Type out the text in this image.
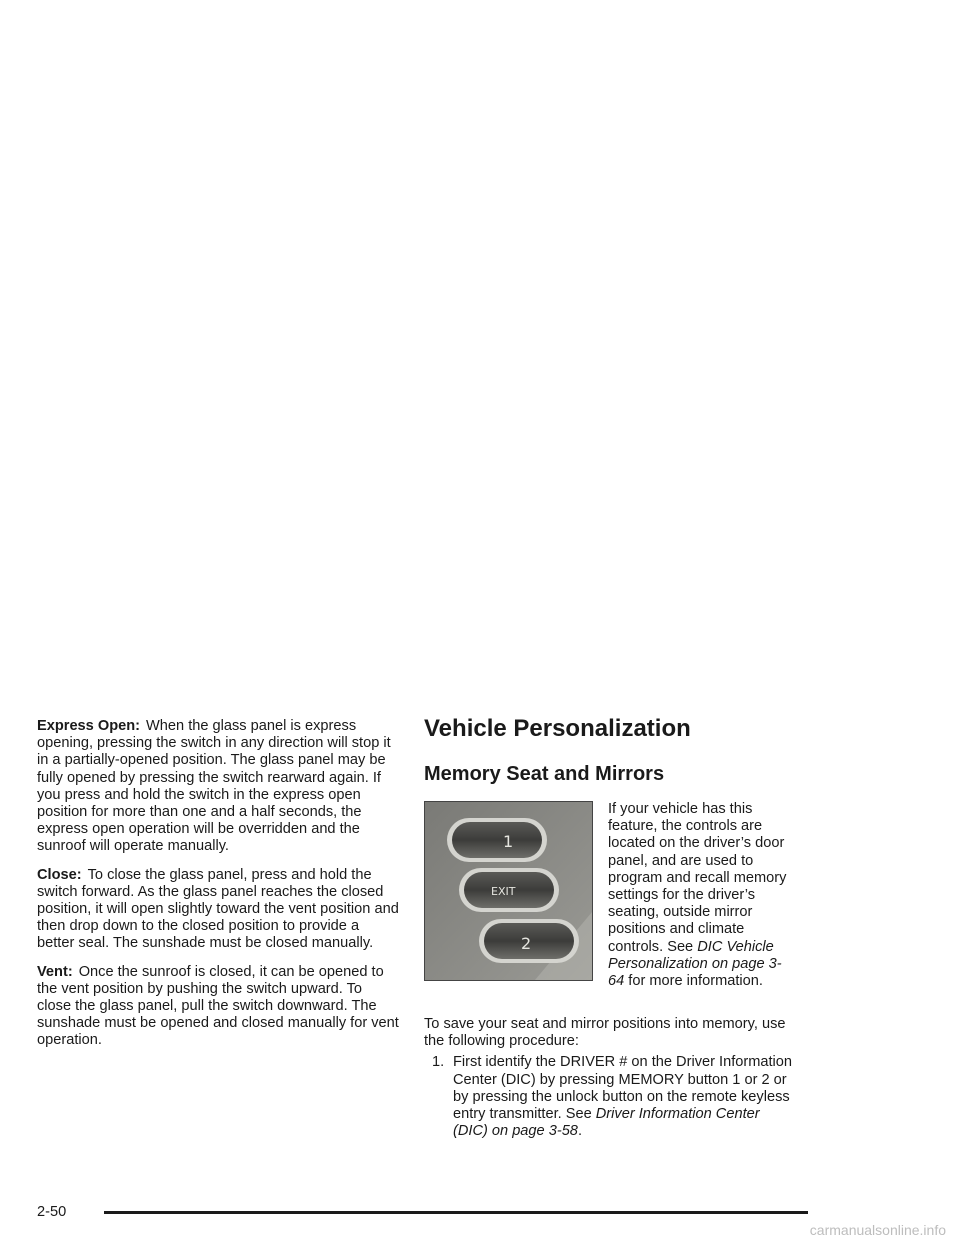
Express Open: When the glass panel is express opening, pressing the switch in any direction will stop it in a partially-opened position. The glass panel may be fully opened by pressing the switch rearward again. If you press and hold the switch in the express open position for more than one and a half seconds, the express open operation will be overridden and the sunroof will operate manually.

Close: To close the glass panel, press and hold the switch forward. As the glass panel reaches the closed position, it will open slightly toward the vent position and then drop down to the closed position to provide a better seal. The sunshade must be closed manually.

Vent: Once the sunroof is closed, it can be opened to the vent position by pushing the switch upward. To close the glass panel, pull the switch downward. The sunshade must be opened and closed manually for vent operation.

Vehicle Personalization
Memory Seat and Mirrors
1
EXIT
2
If your vehicle has this feature, the controls are located on the driver’s door panel, and are used to program and recall memory settings for the driver’s seating, outside mirror positions and climate controls. See DIC Vehicle Personalization on page 3-64 for more information.

To save your seat and mirror positions into memory, use the following procedure:

1. First identify the DRIVER # on the Driver Information Center (DIC) by pressing MEMORY button 1 or 2 or by pressing the unlock button on the remote keyless entry transmitter. See Driver Information Center (DIC) on page 3-58.
2-50
carmanualsonline.info
